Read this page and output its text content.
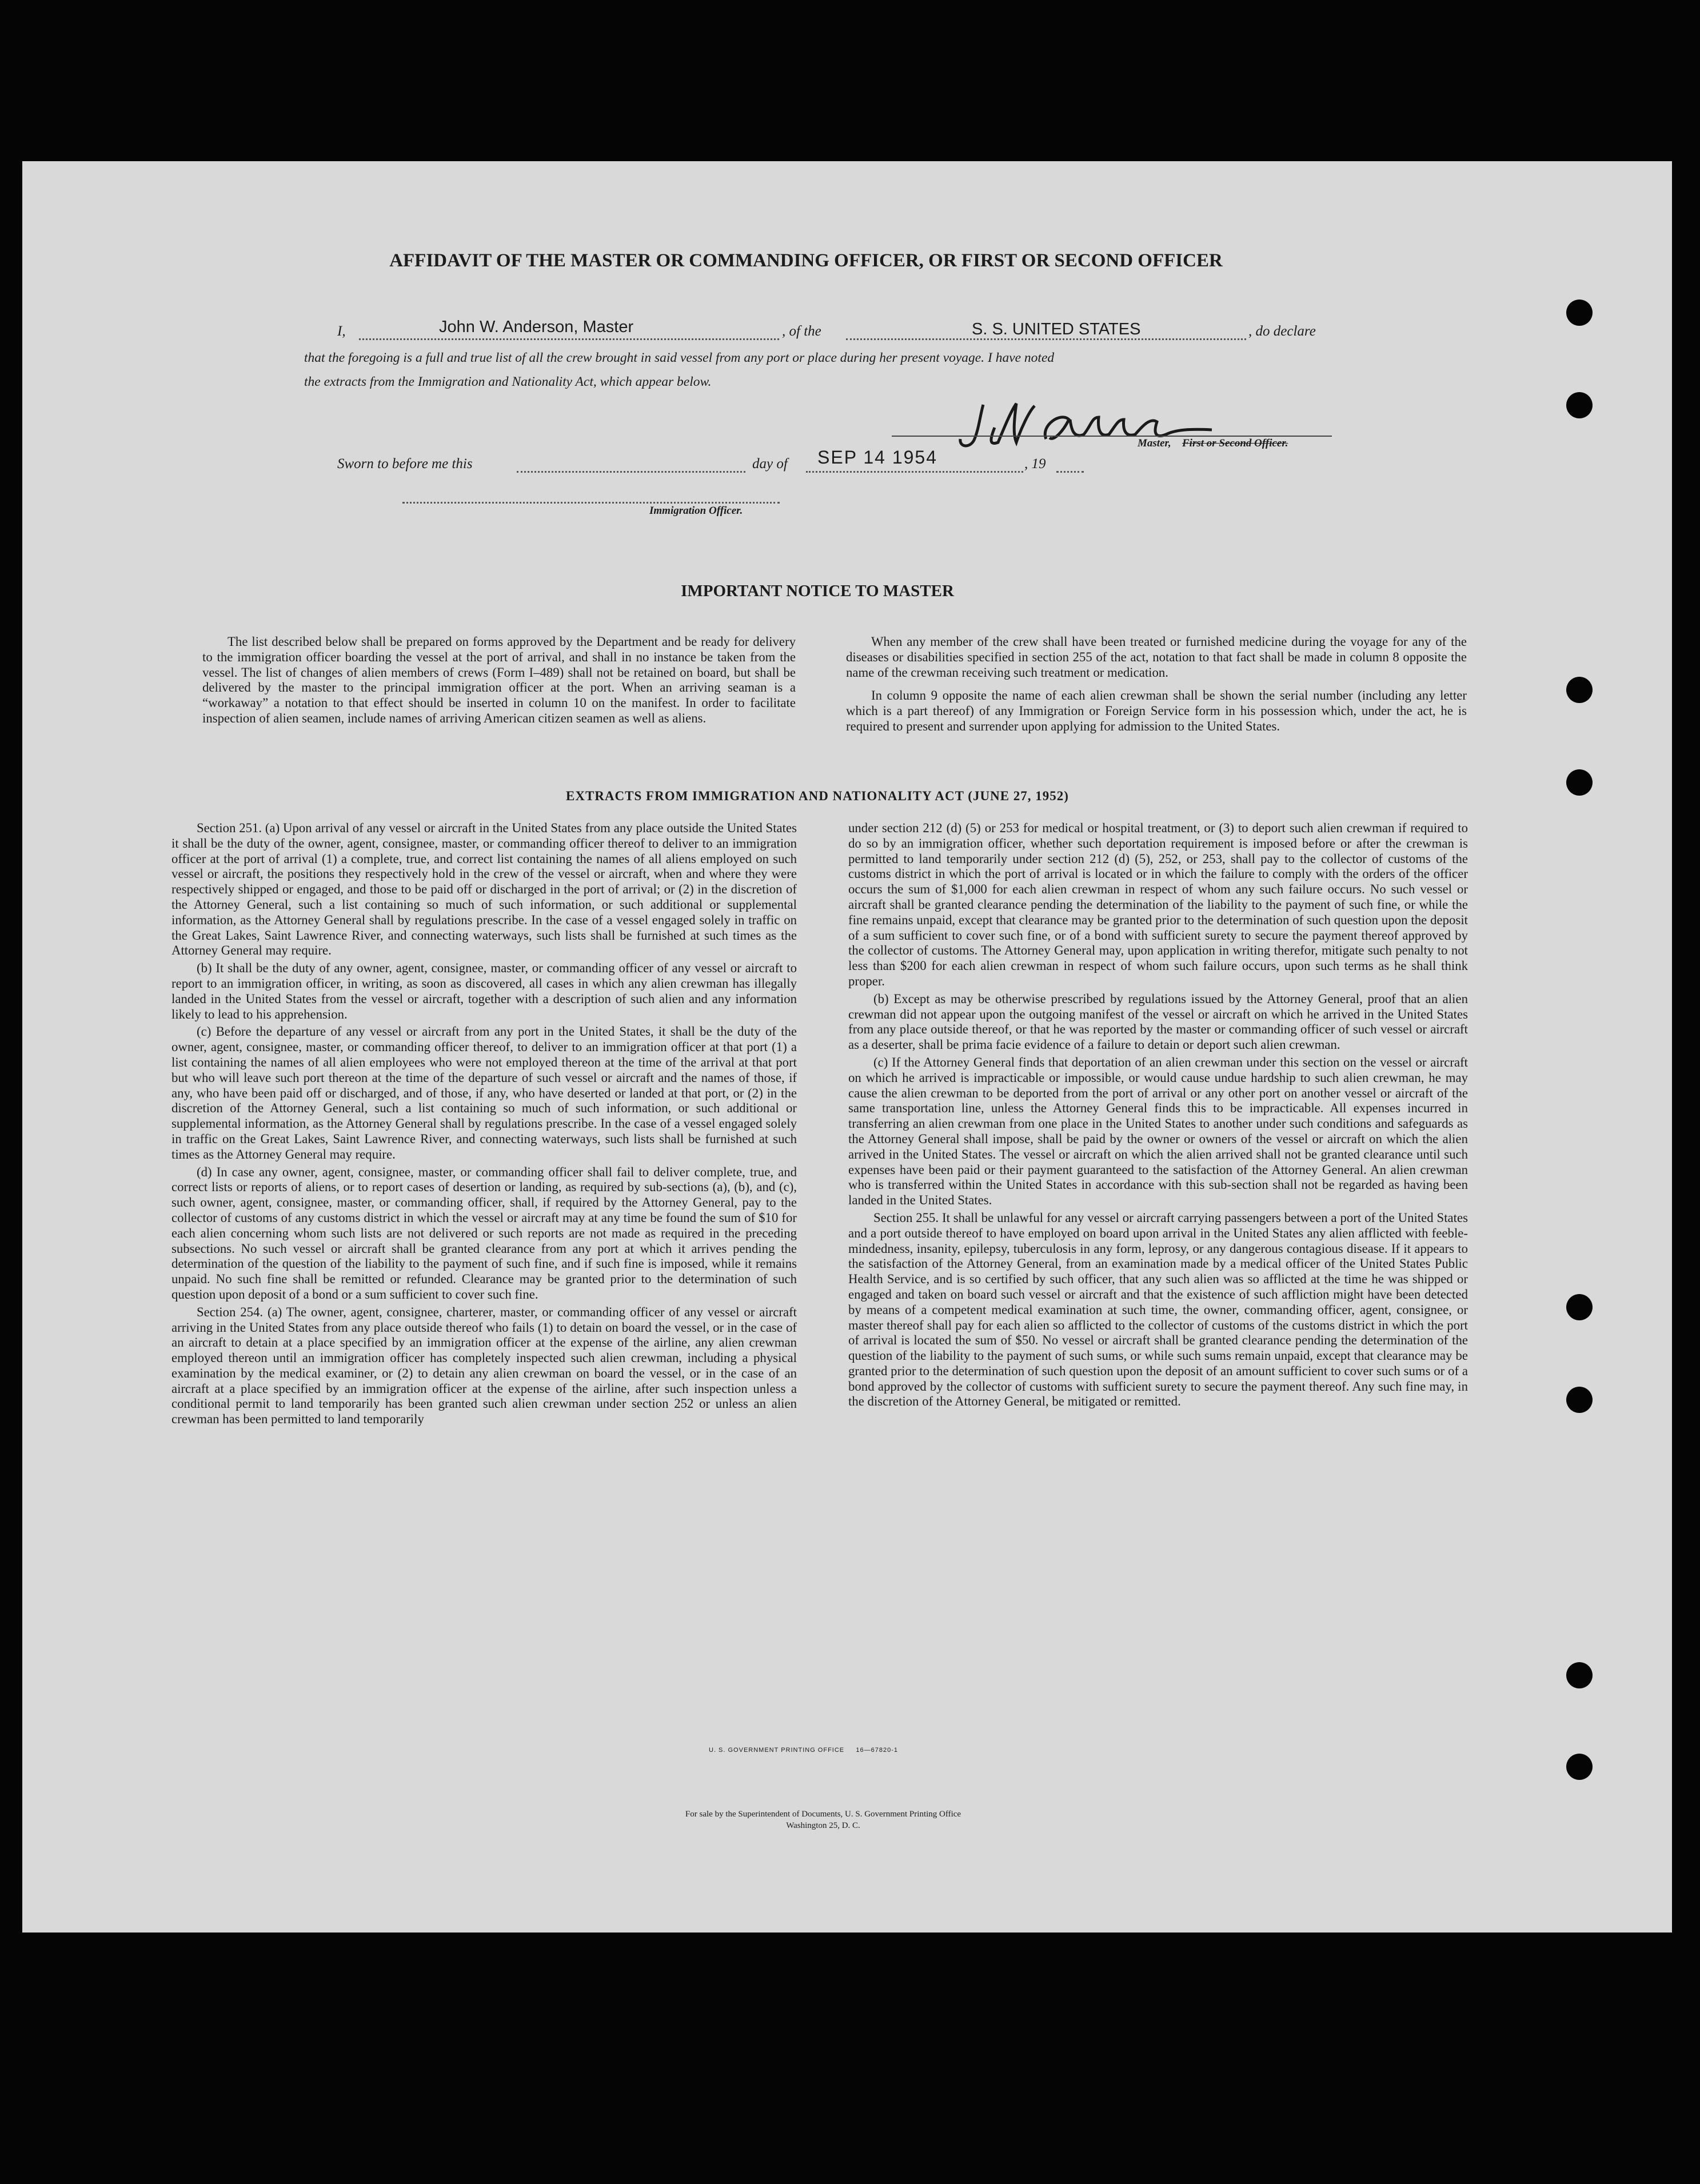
AFFIDAVIT OF THE MASTER OR COMMANDING OFFICER, OR FIRST OR SECOND OFFICER
I,	John W. Anderson, Master	, of the	S. S. UNITED STATES	, do declare
that the foregoing is a full and true list of all the crew brought in said vessel from any port or place during her present voyage. I have noted
the extracts from the Immigration and Nationality Act, which appear below.
Master, First or Second Officer.
Sworn to before me this	day of SEP 14 1954	, 19
Immigration Officer.
IMPORTANT NOTICE TO MASTER

The list described below shall be prepared on forms approved by the Department and be ready for delivery to the immigration officer boarding the vessel at the port of arrival, and shall in no instance be taken from the vessel. The list of changes of alien members of crews (Form I–489) shall not be retained on board, but shall be delivered by the master to the principal immigration officer at the port. When an arriving seaman is a “workaway” a notation to that effect should be inserted in column 10 on the manifest. In order to facilitate inspection of alien seamen, include names of arriving American citizen seamen as well as aliens.

When any member of the crew shall have been treated or furnished medicine during the voyage for any of the diseases or disabilities specified in section 255 of the act, notation to that fact shall be made in column 8 opposite the name of the crewman receiving such treatment or medication.

In column 9 opposite the name of each alien crewman shall be shown the serial number (including any letter which is a part thereof) of any Immigration or Foreign Service form in his possession which, under the act, he is required to present and surrender upon applying for admission to the United States.

EXTRACTS FROM IMMIGRATION AND NATIONALITY ACT (JUNE 27, 1952)

Section 251. (a) Upon arrival of any vessel or aircraft in the United States from any place outside the United States it shall be the duty of the owner, agent, consignee, master, or commanding officer thereof to deliver to an immigration officer at the port of arrival (1) a complete, true, and correct list containing the names of all aliens employed on such vessel or aircraft, the positions they respectively hold in the crew of the vessel or aircraft, when and where they were respectively shipped or engaged, and those to be paid off or discharged in the port of arrival; or (2) in the discretion of the Attorney General, such a list containing so much of such information, or such additional or supplemental information, as the Attorney General shall by regulations prescribe. In the case of a vessel engaged solely in traffic on the Great Lakes, Saint Lawrence River, and connecting waterways, such lists shall be furnished at such times as the Attorney General may require.

(b) It shall be the duty of any owner, agent, consignee, master, or commanding officer of any vessel or aircraft to report to an immigration officer, in writing, as soon as discovered, all cases in which any alien crewman has illegally landed in the United States from the vessel or aircraft, together with a description of such alien and any information likely to lead to his apprehension.

(c) Before the departure of any vessel or aircraft from any port in the United States, it shall be the duty of the owner, agent, consignee, master, or commanding officer thereof, to deliver to an immigration officer at that port (1) a list containing the names of all alien employees who were not employed thereon at the time of the arrival at that port but who will leave such port thereon at the time of the departure of such vessel or aircraft and the names of those, if any, who have been paid off or discharged, and of those, if any, who have deserted or landed at that port, or (2) in the discretion of the Attorney General, such a list containing so much of such information, or such additional or supplemental information, as the Attorney General shall by regulations prescribe. In the case of a vessel engaged solely in traffic on the Great Lakes, Saint Lawrence River, and connecting waterways, such lists shall be furnished at such times as the Attorney General may require.

(d) In case any owner, agent, consignee, master, or commanding officer shall fail to deliver complete, true, and correct lists or reports of aliens, or to report cases of desertion or landing, as required by sub-sections (a), (b), and (c), such owner, agent, consignee, master, or commanding officer, shall, if required by the Attorney General, pay to the collector of customs of any customs district in which the vessel or aircraft may at any time be found the sum of $10 for each alien concerning whom such lists are not delivered or such reports are not made as required in the preceding subsections. No such vessel or aircraft shall be granted clearance from any port at which it arrives pending the determination of the question of the liability to the payment of such fine, and if such fine is imposed, while it remains unpaid. No such fine shall be remitted or refunded. Clearance may be granted prior to the determination of such question upon deposit of a bond or a sum sufficient to cover such fine.

Section 254. (a) The owner, agent, consignee, charterer, master, or commanding officer of any vessel or aircraft arriving in the United States from any place outside thereof who fails (1) to detain on board the vessel, or in the case of an aircraft to detain at a place specified by an immigration officer at the expense of the airline, any alien crewman employed thereon until an immigration officer has completely inspected such alien crewman, including a physical examination by the medical examiner, or (2) to detain any alien crewman on board the vessel, or in the case of an aircraft at a place specified by an immigration officer at the expense of the airline, after such inspection unless a conditional permit to land temporarily has been granted such alien crewman under section 252 or unless an alien crewman has been permitted to land temporarily

under section 212 (d) (5) or 253 for medical or hospital treatment, or (3) to deport such alien crewman if required to do so by an immigration officer, whether such deportation requirement is imposed before or after the crewman is permitted to land temporarily under section 212 (d) (5), 252, or 253, shall pay to the collector of customs of the customs district in which the port of arrival is located or in which the failure to comply with the orders of the officer occurs the sum of $1,000 for each alien crewman in respect of whom any such failure occurs. No such vessel or aircraft shall be granted clearance pending the determination of the liability to the payment of such fine, or while the fine remains unpaid, except that clearance may be granted prior to the determination of such question upon the deposit of a sum sufficient to cover such fine, or of a bond with sufficient surety to secure the payment thereof approved by the collector of customs. The Attorney General may, upon application in writing therefor, mitigate such penalty to not less than $200 for each alien crewman in respect of whom such failure occurs, upon such terms as he shall think proper.

(b) Except as may be otherwise prescribed by regulations issued by the Attorney General, proof that an alien crewman did not appear upon the outgoing manifest of the vessel or aircraft on which he arrived in the United States from any place outside thereof, or that he was reported by the master or commanding officer of such vessel or aircraft as a deserter, shall be prima facie evidence of a failure to detain or deport such alien crewman.

(c) If the Attorney General finds that deportation of an alien crewman under this section on the vessel or aircraft on which he arrived is impracticable or impossible, or would cause undue hardship to such alien crewman, he may cause the alien crewman to be deported from the port of arrival or any other port on another vessel or aircraft of the same transportation line, unless the Attorney General finds this to be impracticable. All expenses incurred in transferring an alien crewman from one place in the United States to another under such conditions and safeguards as the Attorney General shall impose, shall be paid by the owner or owners of the vessel or aircraft on which the alien arrived in the United States. The vessel or aircraft on which the alien arrived shall not be granted clearance until such expenses have been paid or their payment guaranteed to the satisfaction of the Attorney General. An alien crewman who is transferred within the United States in accordance with this sub-section shall not be regarded as having been landed in the United States.

Section 255. It shall be unlawful for any vessel or aircraft carrying passengers between a port of the United States and a port outside thereof to have employed on board upon arrival in the United States any alien afflicted with feeble-mindedness, insanity, epilepsy, tuberculosis in any form, leprosy, or any dangerous contagious disease. If it appears to the satisfaction of the Attorney General, from an examination made by a medical officer of the United States Public Health Service, and is so certified by such officer, that any such alien was so afflicted at the time he was shipped or engaged and taken on board such vessel or aircraft and that the existence of such affliction might have been detected by means of a competent medical examination at such time, the owner, commanding officer, agent, consignee, or master thereof shall pay for each alien so afflicted to the collector of customs of the customs district in which the port of arrival is located the sum of $50. No vessel or aircraft shall be granted clearance pending the determination of the question of the liability to the payment of such sums, or while such sums remain unpaid, except that clearance may be granted prior to the determination of such question upon the deposit of an amount sufficient to cover such sums or of a bond approved by the collector of customs with sufficient surety to secure the payment thereof. Any such fine may, in the discretion of the Attorney General, be mitigated or remitted.

U. S. GOVERNMENT PRINTING OFFICE     16—67820-1
For sale by the Superintendent of Documents, U. S. Government Printing Office
Washington 25, D. C.
